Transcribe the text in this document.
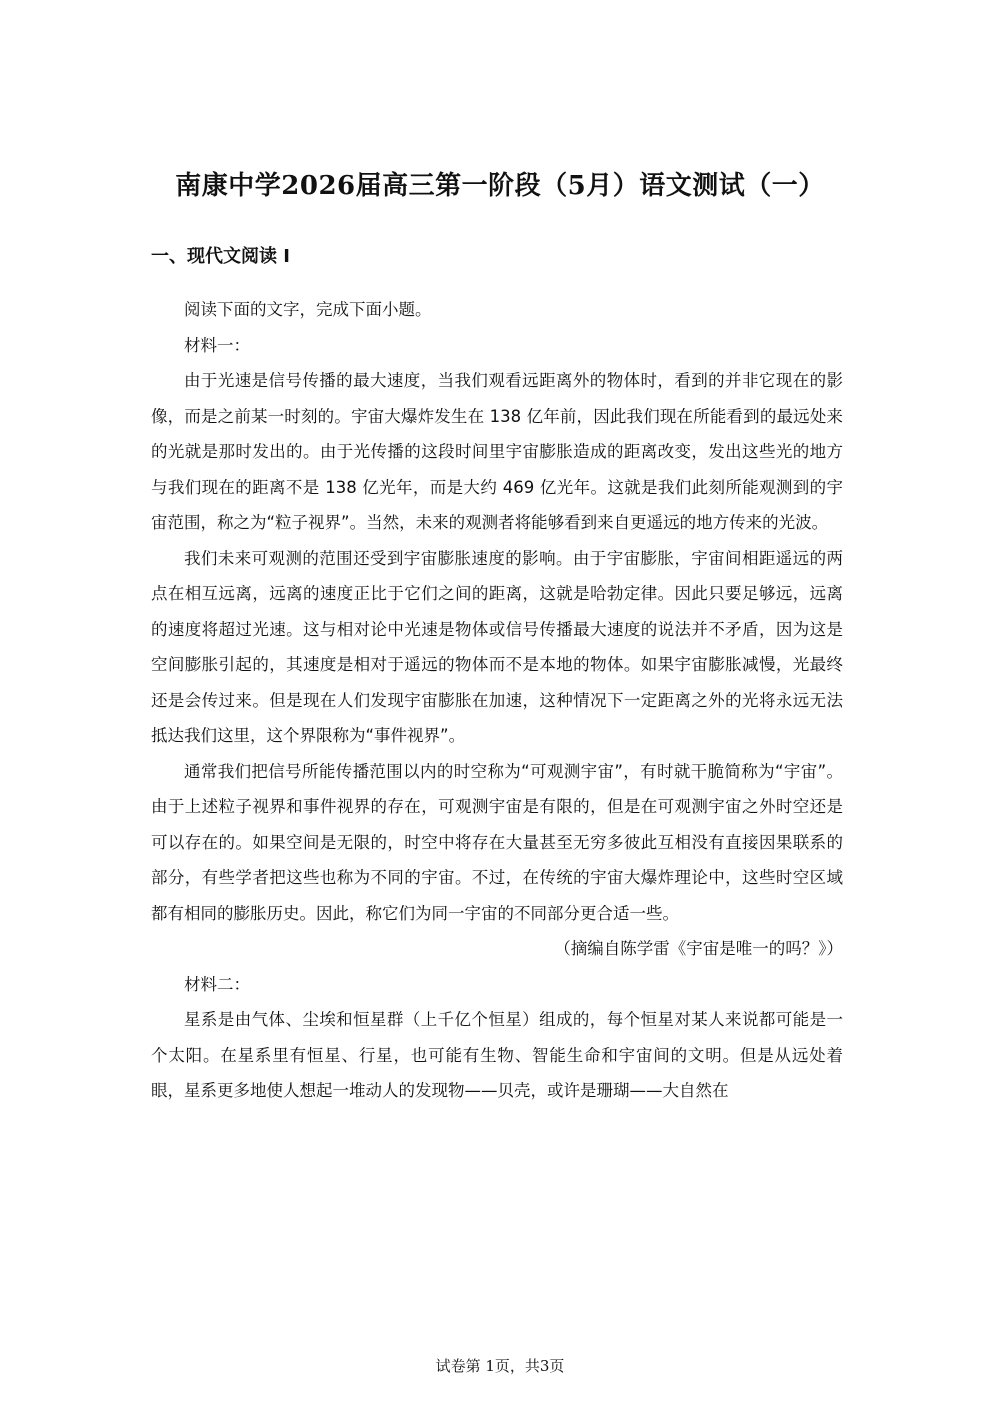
南康中学2026届高三第一阶段（5月）语文测试（一）
一、现代文阅读 I

阅读下面的文字，完成下面小题。

材料一：

由于光速是信号传播的最大速度，当我们观看远距离外的物体时，看到的并非它现在的影像，而是之前某一时刻的。宇宙大爆炸发生在 138 亿年前，因此我们现在所能看到的最远处来的光就是那时发出的。由于光传播的这段时间里宇宙膨胀造成的距离改变，发出这些光的地方与我们现在的距离不是 138 亿光年，而是大约 469 亿光年。这就是我们此刻所能观测到的宇宙范围，称之为“粒子视界”。当然，未来的观测者将能够看到来自更遥远的地方传来的光波。

我们未来可观测的范围还受到宇宙膨胀速度的影响。由于宇宙膨胀，宇宙间相距遥远的两点在相互远离，远离的速度正比于它们之间的距离，这就是哈勃定律。因此只要足够远，远离的速度将超过光速。这与相对论中光速是物体或信号传播最大速度的说法并不矛盾，因为这是空间膨胀引起的，其速度是相对于遥远的物体而不是本地的物体。如果宇宙膨胀减慢，光最终还是会传过来。但是现在人们发现宇宙膨胀在加速，这种情况下一定距离之外的光将永远无法抵达我们这里，这个界限称为“事件视界”。

通常我们把信号所能传播范围以内的时空称为“可观测宇宙”，有时就干脆简称为“宇宙”。由于上述粒子视界和事件视界的存在，可观测宇宙是有限的，但是在可观测宇宙之外时空还是可以存在的。如果空间是无限的，时空中将存在大量甚至无穷多彼此互相没有直接因果联系的部分，有些学者把这些也称为不同的宇宙。不过，在传统的宇宙大爆炸理论中，这些时空区域都有相同的膨胀历史。因此，称它们为同一宇宙的不同部分更合适一些。

（摘编自陈学雷《宇宙是唯一的吗？》）

材料二：

星系是由气体、尘埃和恒星群（上千亿个恒星）组成的，每个恒星对某人来说都可能是一个太阳。在星系里有恒星、行星，也可能有生物、智能生命和宇宙间的文明。但是从远处着眼，星系更多地使人想起一堆动人的发现物——贝壳，或许是珊瑚——大自然在

试卷第 1页，共3页
